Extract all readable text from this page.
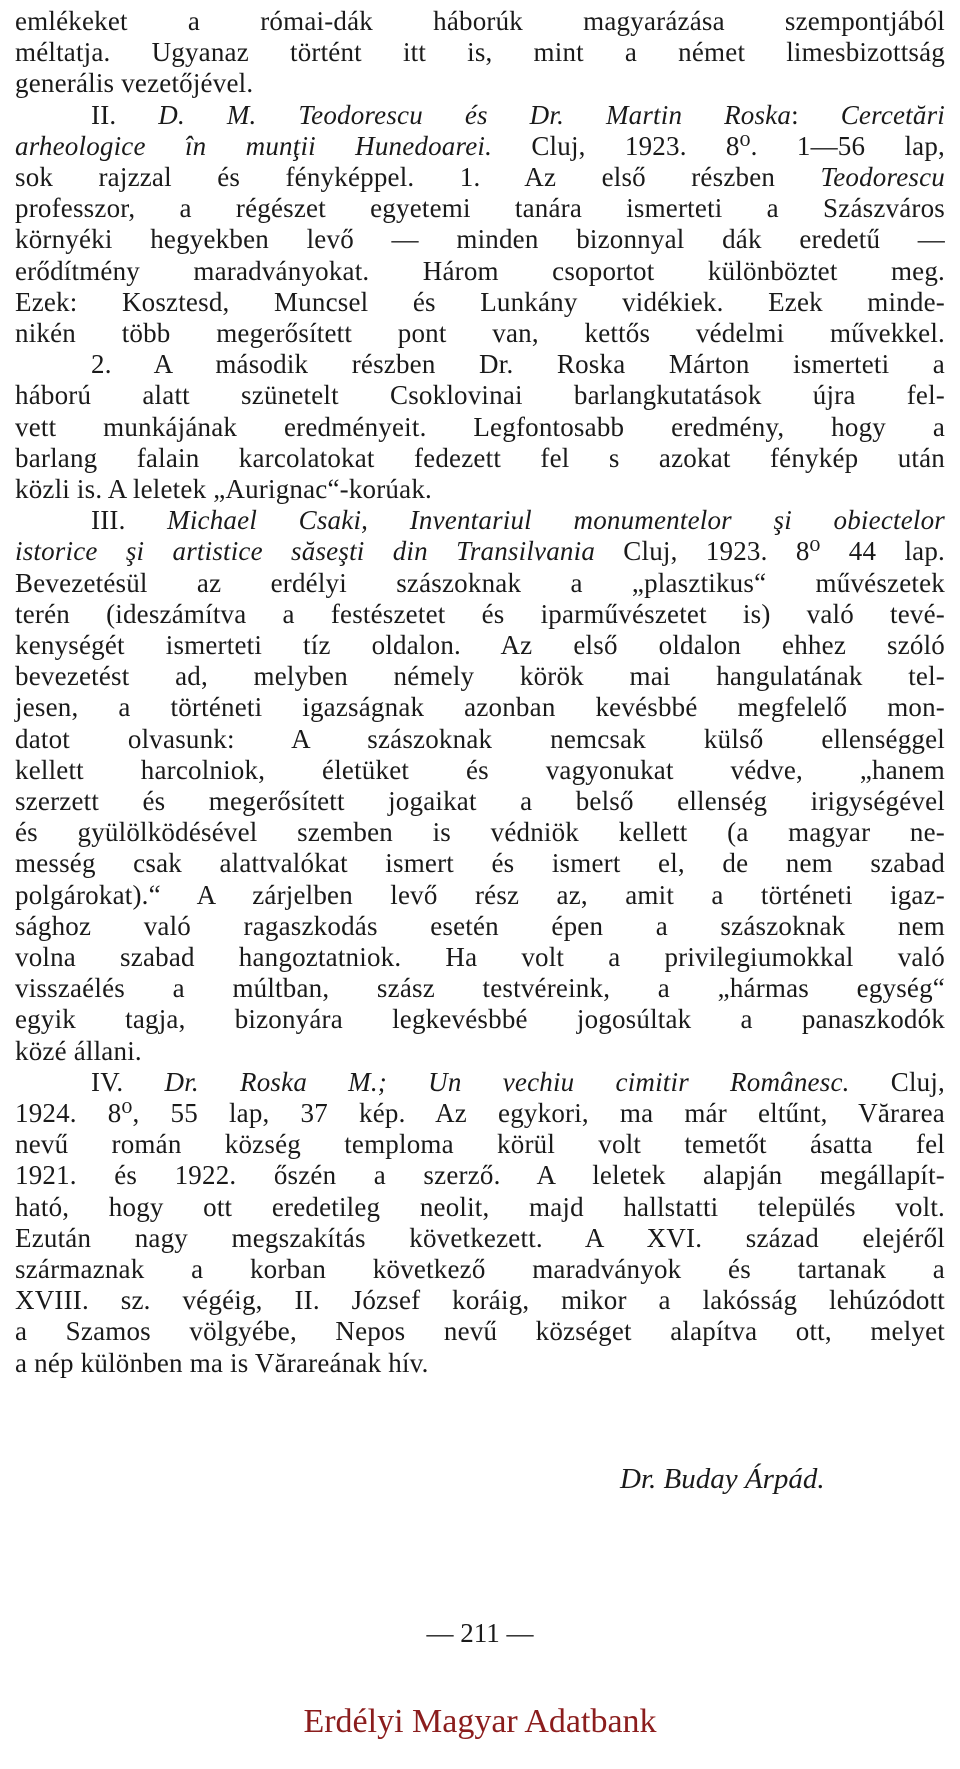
emlékeket a római-dák háborúk magyarázása szempontjából
méltatja. Ugyanaz történt itt is, mint a német limesbizottság
generális vezetőjével.
II. D. M. Teodorescu és Dr. Martin Roska: Cercetări
arheologice în munţii Hunedoarei. Cluj, 1923. 8⁰. 1—56 lap,
sok rajzzal és fényképpel. 1. Az első részben Teodorescu
professzor, a régészet egyetemi tanára ismerteti a Szászváros
környéki hegyekben levő — minden bizonnyal dák eredetű —
erődítmény maradványokat. Három csoportot különböztet meg.
Ezek: Kosztesd, Muncsel és Lunkány vidékiek. Ezek minde-
nikén több megerősített pont van, kettős védelmi művekkel.
2. A második részben Dr. Roska Márton ismerteti a
háború alatt szünetelt Csoklovinai barlangkutatások újra fel-
vett munkájának eredményeit. Legfontosabb eredmény, hogy a
barlang falain karcolatokat fedezett fel s azokat fénykép után
közli is. A leletek „Aurignac“-korúak.
III. Michael Csaki, Inventariul monumentelor şi obiectelor
istorice şi artistice săseşti din Transilvania Cluj, 1923. 8⁰ 44 lap.
Bevezetésül az erdélyi szászoknak a „plasztikus“ művészetek
terén (ideszámítva a festészetet és iparművészetet is) való tevé-
kenységét ismerteti tíz oldalon. Az első oldalon ehhez szóló
bevezetést ad, melyben némely körök mai hangulatának tel-
jesen, a történeti igazságnak azonban kevésbbé megfelelő mon-
datot olvasunk: A szászoknak nemcsak külső ellenséggel
kellett harcolniok, életüket és vagyonukat védve, „hanem
szerzett és megerősített jogaikat a belső ellenség irigységével
és gyülölködésével szemben is védniök kellett (a magyar ne-
messég csak alattvalókat ismert és ismert el, de nem szabad
polgárokat).“ A zárjelben levő rész az, amit a történeti igaz-
sághoz való ragaszkodás esetén épen a szászoknak nem
volna szabad hangoztatniok. Ha volt a privilegiumokkal való
visszaélés a múltban, szász testvéreink, a „hármas egység“
egyik tagja, bizonyára legkevésbbé jogosúltak a panaszkodók
közé állani.
IV. Dr. Roska M.; Un vechiu cimitir Românesc. Cluj,
1924. 8⁰, 55 lap, 37 kép. Az egykori, ma már eltűnt, Vărarea
nevű román község temploma körül volt temetőt ásatta fel
1921. és 1922. őszén a szerző. A leletek alapján megállapít-
ható, hogy ott eredetileg neolit, majd hallstatti település volt.
Ezután nagy megszakítás következett. A XVI. század elejéről
származnak a korban következő maradványok és tartanak a
XVIII. sz. végéig, II. József koráig, mikor a lakósság lehúzódott
a Szamos völgyébe, Nepos nevű községet alapítva ott, melyet
a nép különben ma is Vărareának hív.
Dr. Buday Árpád.
— 211 —
Erdélyi Magyar Adatbank
